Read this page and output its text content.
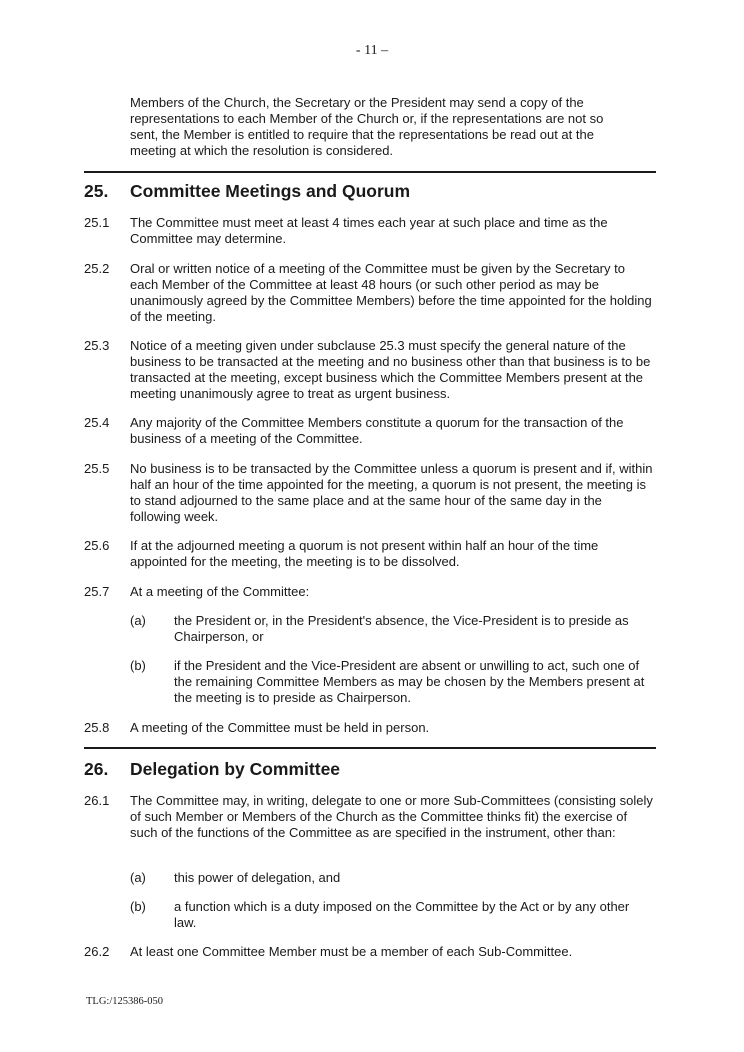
- 11 –

Members of the Church, the Secretary or the President may send a copy of the representations to each Member of the Church or, if the representations are not so sent, the Member is entitled to require that the representations be read out at the meeting at which the resolution is considered.

25. Committee Meetings and Quorum
25.1 The Committee must meet at least 4 times each year at such place and time as the Committee may determine.
25.2 Oral or written notice of a meeting of the Committee must be given by the Secretary to each Member of the Committee at least 48 hours (or such other period as may be unanimously agreed by the Committee Members) before the time appointed for the holding of the meeting.
25.3 Notice of a meeting given under subclause 25.3 must specify the general nature of the business to be transacted at the meeting and no business other than that business is to be transacted at the meeting, except business which the Committee Members present at the meeting unanimously agree to treat as urgent business.
25.4 Any majority of the Committee Members constitute a quorum for the transaction of the business of a meeting of the Committee.
25.5 No business is to be transacted by the Committee unless a quorum is present and if, within half an hour of the time appointed for the meeting, a quorum is not present, the meeting is to stand adjourned to the same place and at the same hour of the same day in the following week.
25.6 If at the adjourned meeting a quorum is not present within half an hour of the time appointed for the meeting, the meeting is to be dissolved.
25.7 At a meeting of the Committee:
(a) the President or, in the President's absence, the Vice-President is to preside as Chairperson, or
(b) if the President and the Vice-President are absent or unwilling to act, such one of the remaining Committee Members as may be chosen by the Members present at the meeting is to preside as Chairperson.
25.8 A meeting of the Committee must be held in person.
26. Delegation by Committee
26.1 The Committee may, in writing, delegate to one or more Sub-Committees (consisting solely of such Member or Members of the Church as the Committee thinks fit) the exercise of such of the functions of the Committee as are specified in the instrument, other than:
(a) this power of delegation, and
(b) a function which is a duty imposed on the Committee by the Act or by any other law.
26.2 At least one Committee Member must be a member of each Sub-Committee.
TLG:/125386-050
